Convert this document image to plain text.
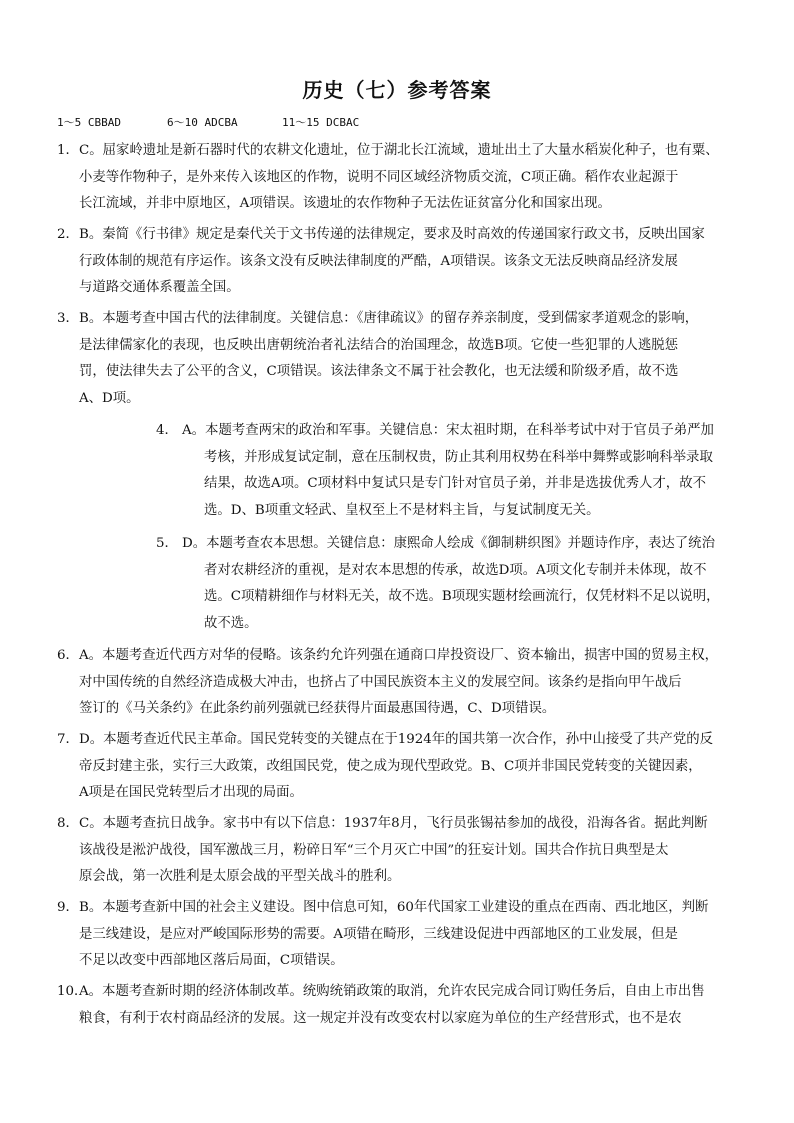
历史（七）参考答案
1～5 CBBAD	6～10 ADCBA	11～15 DCBAC
1．C。屈家岭遗址是新石器时代的农耕文化遗址，位于湖北长江流域，遗址出土了大量水稻炭化种子，也有粟、
小麦等作物种子，是外来传入该地区的作物，说明不同区域经济物质交流，C项正确。稻作农业起源于
长江流域，并非中原地区，A项错误。该遗址的农作物种子无法佐证贫富分化和国家出现。
2．B。秦简《行书律》规定是秦代关于文书传递的法律规定，要求及时高效的传递国家行政文书，反映出国家
行政体制的规范有序运作。该条文没有反映法律制度的严酷，A项错误。该条文无法反映商品经济发展
与道路交通体系覆盖全国。
3．B。本题考查中国古代的法律制度。关键信息：《唐律疏议》的留存养亲制度，受到儒家孝道观念的影响，
是法律儒家化的表现，也反映出唐朝统治者礼法结合的治国理念，故选B项。它使一些犯罪的人逃脱惩
罚，使法律失去了公平的含义，C项错误。该法律条文不属于社会教化，也无法缓和阶级矛盾，故不选
A、D项。
4． A。本题考查两宋的政治和军事。关键信息：宋太祖时期，在科举考试中对于官员子弟严加
考核，并形成复试定制，意在压制权贵，防止其利用权势在科举中舞弊或影响科举录取
结果，故选A项。C项材料中复试只是专门针对官员子弟，并非是选拔优秀人才，故不
选。D、B项重文轻武、皇权至上不是材料主旨，与复试制度无关。
5． D。本题考查农本思想。关键信息：康熙命人绘成《御制耕织图》并题诗作序，表达了统治
者对农耕经济的重视，是对农本思想的传承，故选D项。A项文化专制并未体现，故不
选。C项精耕细作与材料无关，故不选。B项现实题材绘画流行，仅凭材料不足以说明，
故不选。
6．A。本题考查近代西方对华的侵略。该条约允许列强在通商口岸投资设厂、资本输出，损害中国的贸易主权，
对中国传统的自然经济造成极大冲击，也挤占了中国民族资本主义的发展空间。该条约是指向甲午战后
签订的《马关条约》在此条约前列强就已经获得片面最惠国待遇，C、D项错误。
7．D。本题考查近代民主革命。国民党转变的关键点在于1924年的国共第一次合作，孙中山接受了共产党的反
帝反封建主张，实行三大政策，改组国民党，使之成为现代型政党。B、C项并非国民党转变的关键因素，
A项是在国民党转型后才出现的局面。
8．C。本题考查抗日战争。家书中有以下信息：1937年8月，飞行员张锡祜参加的战役，沿海各省。据此判断
该战役是淞沪战役，国军激战三月，粉碎日军“三个月灭亡中国”的狂妄计划。国共合作抗日典型是太
原会战，第一次胜利是太原会战的平型关战斗的胜利。
9．B。本题考查新中国的社会主义建设。图中信息可知，60年代国家工业建设的重点在西南、西北地区，判断
是三线建设，是应对严峻国际形势的需要。A项错在畸形，三线建设促进中西部地区的工业发展，但是
不足以改变中西部地区落后局面，C项错误。
10．A。本题考查新时期的经济体制改革。统购统销政策的取消，允许农民完成合同订购任务后，自由上市出售
粮食，有利于农村商品经济的发展。这一规定并没有改变农村以家庭为单位的生产经营形式，也不是农
